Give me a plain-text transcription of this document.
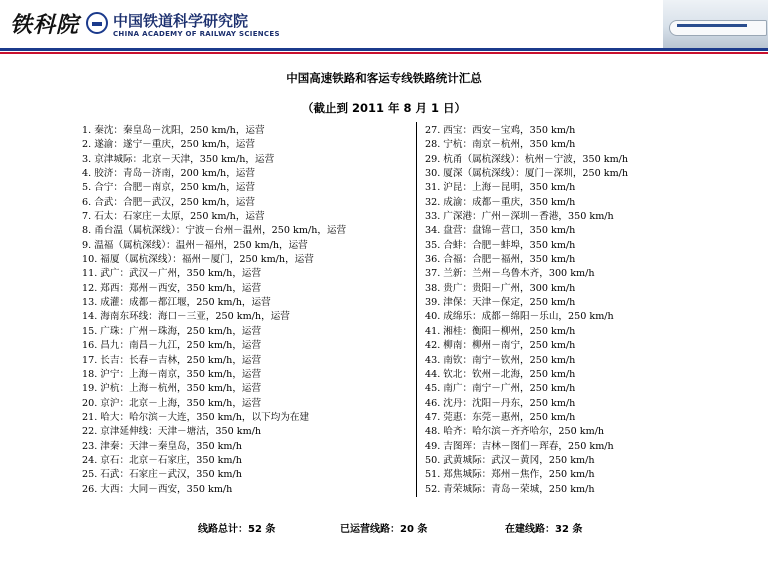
铁科院 中国铁道科学研究院
CHINA ACADEMY OF RAILWAY SCIENCES
中国高速铁路和客运专线铁路统计汇总
（截止到 2011 年 8 月 1 日）
1. 秦沈：秦皇岛－沈阳，250 km/h，运营
2. 遂渝：遂宁－重庆，250 km/h，运营
3. 京津城际：北京－天津，350 km/h，运营
4. 胶济：青岛－济南，200 km/h，运营
5. 合宁：合肥－南京，250 km/h，运营
6. 合武：合肥－武汉，250 km/h，运营
7. 石太：石家庄－太原，250 km/h，运营
8. 甬台温（属杭深线）：宁波－台州－温州，250 km/h，运营
9. 温福（属杭深线）：温州－福州，250 km/h，运营
10. 福厦（属杭深线）：福州－厦门，250 km/h，运营
11. 武广：武汉－广州，350 km/h，运营
12. 郑西：郑州－西安，350 km/h，运营
13. 成灌：成都－都江堰，250 km/h，运营
14. 海南东环线：海口－三亚，250 km/h，运营
15. 广珠：广州－珠海，250 km/h，运营
16. 昌九：南昌－九江，250 km/h，运营
17. 长吉：长春－吉林，250 km/h，运营
18. 沪宁：上海－南京，350 km/h，运营
19. 沪杭：上海－杭州，350 km/h，运营
20. 京沪：北京－上海，350 km/h，运营
21. 哈大：哈尔滨－大连，350 km/h，以下均为在建
22. 京津延伸线：天津－塘沽，350 km/h
23. 津秦：天津－秦皇岛，350 km/h
24. 京石：北京－石家庄，350 km/h
25. 石武：石家庄－武汉，350 km/h
26. 大西：大同－西安，350 km/h
27. 西宝：西安－宝鸡，350 km/h
28. 宁杭：南京－杭州，350 km/h
29. 杭甬（属杭深线）：杭州－宁波，350 km/h
30. 厦深（属杭深线）：厦门－深圳，250 km/h
31. 沪昆：上海－昆明，350 km/h
32. 成渝：成都－重庆，350 km/h
33. 广深港：广州－深圳－香港，350 km/h
34. 盘营：盘锦－营口，350 km/h
35. 合蚌：合肥－蚌埠，350 km/h
36. 合福：合肥－福州，350 km/h
37. 兰新：兰州－乌鲁木齐，300 km/h
38. 贵广：贵阳－广州，300 km/h
39. 津保：天津－保定，250 km/h
40. 成绵乐：成都－绵阳－乐山，250 km/h
41. 湘桂：衡阳－柳州，250 km/h
42. 柳南：柳州－南宁，250 km/h
43. 南钦：南宁－钦州，250 km/h
44. 钦北：钦州－北海，250 km/h
45. 南广：南宁－广州，250 km/h
46. 沈丹：沈阳－丹东，250 km/h
47. 莞惠：东莞－惠州，250 km/h
48. 哈齐：哈尔滨－齐齐哈尔，250 km/h
49. 吉图珲：吉林－图们－珲春，250 km/h
50. 武黄城际：武汉－黄冈，250 km/h
51. 郑焦城际：郑州－焦作，250 km/h
52. 青荣城际：青岛－荣城，250 km/h
线路总计：52 条	已运营线路：20 条	在建线路：32 条
